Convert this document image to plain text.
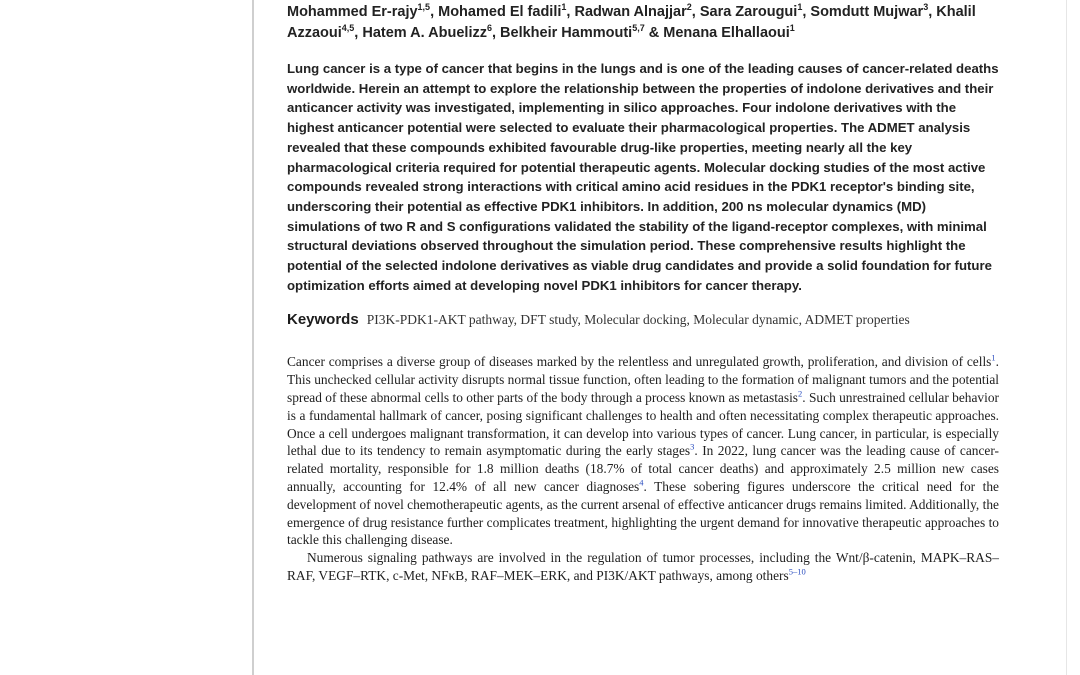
Mohammed Er-rajy$^{1,5}$, Mohamed El fadili$^1$, Radwan Alnajjar$^2$, Sara Zarougui$^1$, Somdutt Mujwar$^3$, Khalil Azzaoui$^{4,5}$, Hatem A. Abuelizz$^6$, Belkheir Hammouti$^{5,7}$ & Menana Elhallaoui$^1$

Lung cancer is a type of cancer that begins in the lungs and is one of the leading causes of cancer-related deaths worldwide. Herein an attempt to explore the relationship between the properties of indolone derivatives and their anticancer activity was investigated, implementing in silico approaches. Four indolone derivatives with the highest anticancer potential were selected to evaluate their pharmacological properties. The ADMET analysis revealed that these compounds exhibited favourable drug-like properties, meeting nearly all the key pharmacological criteria required for potential therapeutic agents. Molecular docking studies of the most active compounds revealed strong interactions with critical amino acid residues in the PDK1 receptor's binding site, underscoring their potential as effective PDK1 inhibitors. In addition, 200 ns molecular dynamics (MD) simulations of two R and S configurations validated the stability of the ligand-receptor complexes, with minimal structural deviations observed throughout the simulation period. These comprehensive results highlight the potential of the selected indolone derivatives as viable drug candidates and provide a solid foundation for future optimization efforts aimed at developing novel PDK1 inhibitors for cancer therapy.

Keywords PI3K-PDK1-AKT pathway, DFT study, Molecular docking, Molecular dynamic, ADMET properties

Cancer comprises a diverse group of diseases marked by the relentless and unregulated growth, proliferation, and division of cells$^1$. This unchecked cellular activity disrupts normal tissue function, often leading to the formation of malignant tumors and the potential spread of these abnormal cells to other parts of the body through a process known as metastasis$^2$. Such unrestrained cellular behavior is a fundamental hallmark of cancer, posing significant challenges to health and often necessitating complex therapeutic approaches. Once a cell undergoes malignant transformation, it can develop into various types of cancer. Lung cancer, in particular, is especially lethal due to its tendency to remain asymptomatic during the early stages$^3$. In 2022, lung cancer was the leading cause of cancer-related mortality, responsible for 1.8 million deaths (18.7% of total cancer deaths) and approximately 2.5 million new cases annually, accounting for 12.4% of all new cancer diagnoses$^4$. These sobering figures underscore the critical need for the development of novel chemotherapeutic agents, as the current arsenal of effective anticancer drugs remains limited. Additionally, the emergence of drug resistance further complicates treatment, highlighting the urgent demand for innovative therapeutic approaches to tackle this challenging disease.

Numerous signaling pathways are involved in the regulation of tumor processes, including the Wnt/β-catenin, MAPK–RAS–RAF, VEGF–RTK, c-Met, NFκB, RAF–MEK–ERK, and PI3K/AKT pathways, among others$^{5-10}$
